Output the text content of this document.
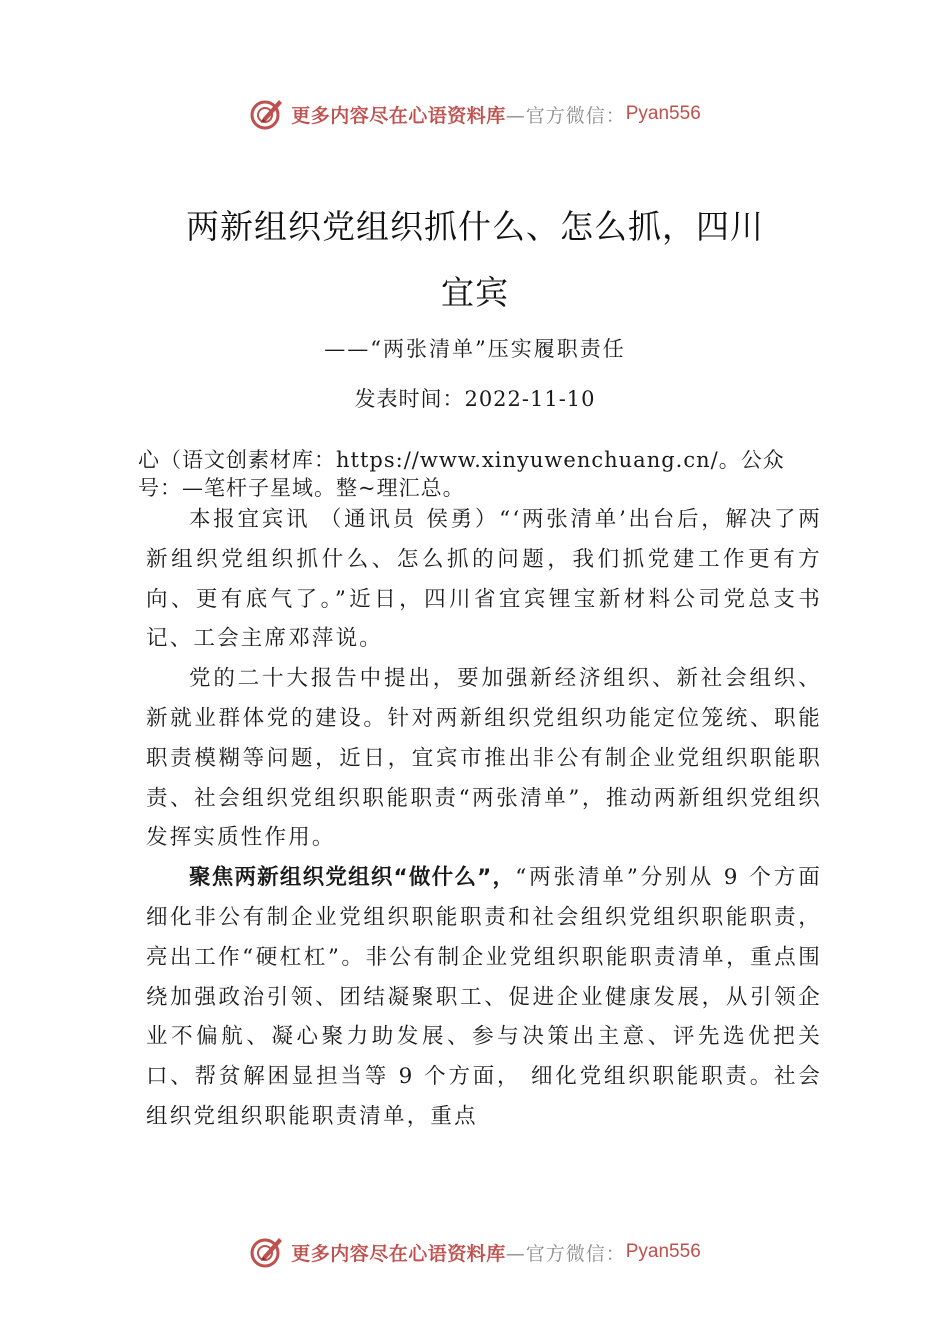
更多内容尽在心语资料库 —官方微信： Pyan556
两新组织党组织抓什么、怎么抓，四川
宜宾
——“两张清单”压实履职责任
发表时间：2022-11-10
心（语文创素材库：https://www.xinyuwenchuang.cn/。公众
号：—笔杆子星域。整~理汇总。

本报宜宾讯 （通讯员 侯勇）“‘两张清单’出台后，解决了两新组织党组织抓什么、怎么抓的问题，我们抓党建工作更有方向、更有底气了。”近日，四川省宜宾锂宝新材料公司党总支书记、工会主席邓萍说。

党的二十大报告中提出，要加强新经济组织、新社会组织、新就业群体党的建设。针对两新组织党组织功能定位笼统、职能职责模糊等问题，近日，宜宾市推出非公有制企业党组织职能职责、社会组织党组织职能职责“两张清单”，推动两新组织党组织发挥实质性作用。

聚焦两新组织党组织“做什么”，“两张清单”分别从 9 个方面细化非公有制企业党组织职能职责和社会组织党组织职能职责，亮出工作“硬杠杠”。非公有制企业党组织职能职责清单，重点围绕加强政治引领、团结凝聚职工、促进企业健康发展，从引领企业不偏航、凝心聚力助发展、参与决策出主意、评先选优把关口、帮贫解困显担当等 9 个方面， 细化党组织职能职责。社会组织党组织职能职责清单，重点

更多内容尽在心语资料库 —官方微信： Pyan556
